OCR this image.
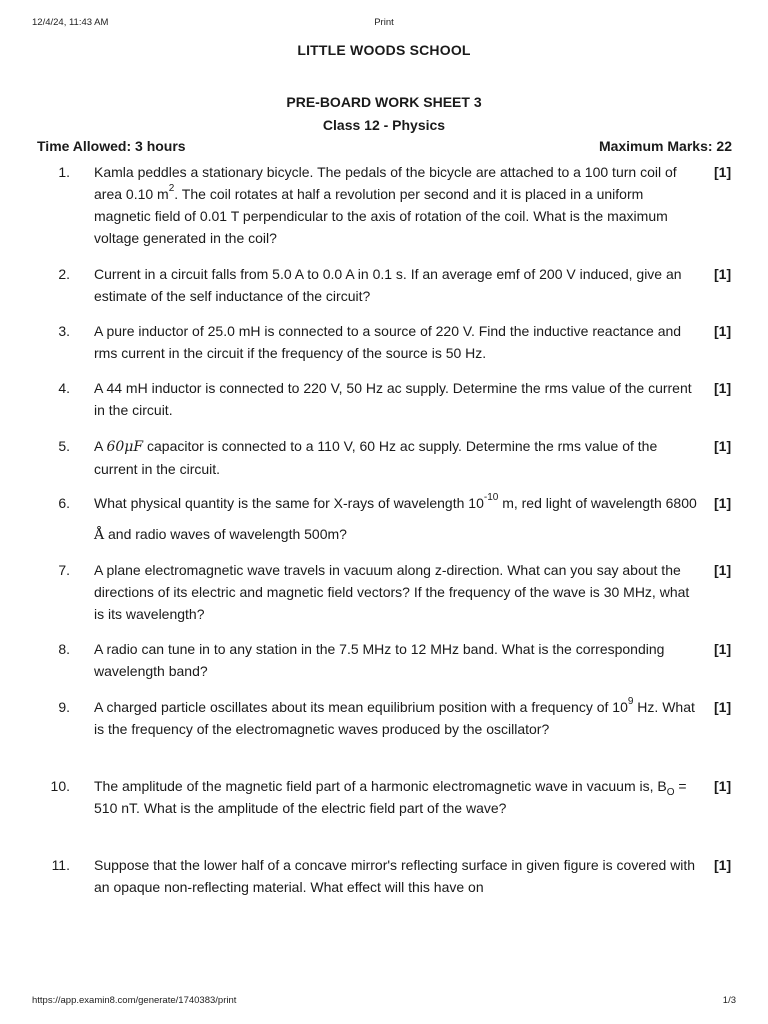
12/4/24, 11:43 AM	Print
LITTLE WOODS SCHOOL
PRE-BOARD WORK SHEET 3
Class 12 - Physics
Time Allowed: 3 hours	Maximum Marks: 22
1. Kamla peddles a stationary bicycle. The pedals of the bicycle are attached to a 100 turn coil of area 0.10 $m^2$. The coil rotates at half a revolution per second and it is placed in a uniform magnetic field of 0.01 T perpendicular to the axis of rotation of the coil. What is the maximum voltage generated in the coil?
[1]
2. Current in a circuit falls from 5.0 A to 0.0 A in 0.1 s. If an average emf of 200 V induced, give an estimate of the self inductance of the circuit?
[1]
3. A pure inductor of 25.0 mH is connected to a source of 220 V. Find the inductive reactance and rms current in the circuit if the frequency of the source is 50 Hz.
[1]
4. A 44 mH inductor is connected to 220 V, 50 Hz ac supply. Determine the rms value of the current in the circuit.
[1]
5. A 60μF capacitor is connected to a 110 V, 60 Hz ac supply. Determine the rms value of the current in the circuit.
[1]
6. What physical quantity is the same for X-rays of wavelength $10^{-10}$ m, red light of wavelength 6800 Å and radio waves of wavelength 500m?
[1]
7. A plane electromagnetic wave travels in vacuum along z-direction. What can you say about the directions of its electric and magnetic field vectors? If the frequency of the wave is 30 MHz, what is its wavelength?
[1]
8. A radio can tune in to any station in the 7.5 MHz to 12 MHz band. What is the corresponding wavelength band?
[1]
9. A charged particle oscillates about its mean equilibrium position with a frequency of $10^9$ Hz. What is the frequency of the electromagnetic waves produced by the oscillator?
[1]
10. The amplitude of the magnetic field part of a harmonic electromagnetic wave in vacuum is, $B_O = 510$ nT. What is the amplitude of the electric field part of the wave?
[1]
11. Suppose that the lower half of a concave mirror's reflecting surface in given figure is covered with an opaque non-reflecting material. What effect will this have on
[1]
https://app.examin8.com/generate/1740383/print	1/3
